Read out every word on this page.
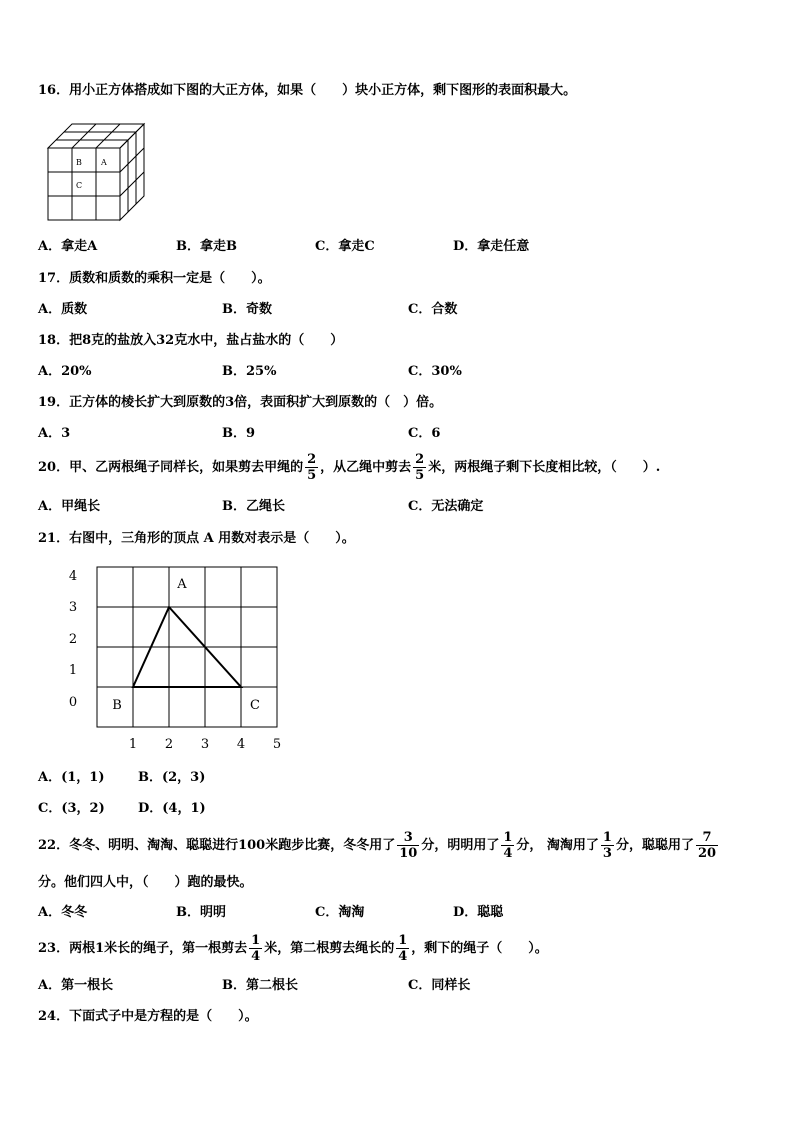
16．用小正方体搭成如下图的大正方体，如果（　　）块小正方体，剩下图形的表面积最大。
B A
C
A．拿走A	B．拿走B	C．拿走C	D．拿走任意
17．质数和质数的乘积一定是（　　）。
A．质数	B．奇数	C．合数
18．把8克的盐放入32克水中，盐占盐水的（　　）
A．20%	B．25%	C．30%
19．正方体的棱长扩大到原数的3倍，表面积扩大到原数的（　）倍。
A．3	B．9	C．6
20．甲、乙两根绳子同样长，如果剪去甲绳的 $\frac{2}{5}$ ，从乙绳中剪去 $\frac{2}{5}$ 米，两根绳子剩下长度相比较，（　　）.
A．甲绳长	B．乙绳长	C．无法确定
21．右图中，三角形的顶点 A 用数对表示是（　　）。
4
3
2
1
0
1 2 3 4 5
A
B	C
A．(1，1)	B．(2，3)
C．(3，2)	D．(4，1)
22．冬冬、明明、淘淘、聪聪进行100米跑步比赛，冬冬用了 $\frac{3}{10}$ 分，明明用了 $\frac{1}{4}$ 分， 淘淘用了 $\frac{1}{3}$ 分，聪聪用了 $\frac{7}{20}$
分。他们四人中，（　　）跑的最快。
A．冬冬	B．明明	C．淘淘	D．聪聪
23．两根1米长的绳子，第一根剪去 $\frac{1}{4}$ 米，第二根剪去绳长的 $\frac{1}{4}$ ，剩下的绳子（　　）。
A．第一根长	B．第二根长	C．同样长
24．下面式子中是方程的是（　　）。
